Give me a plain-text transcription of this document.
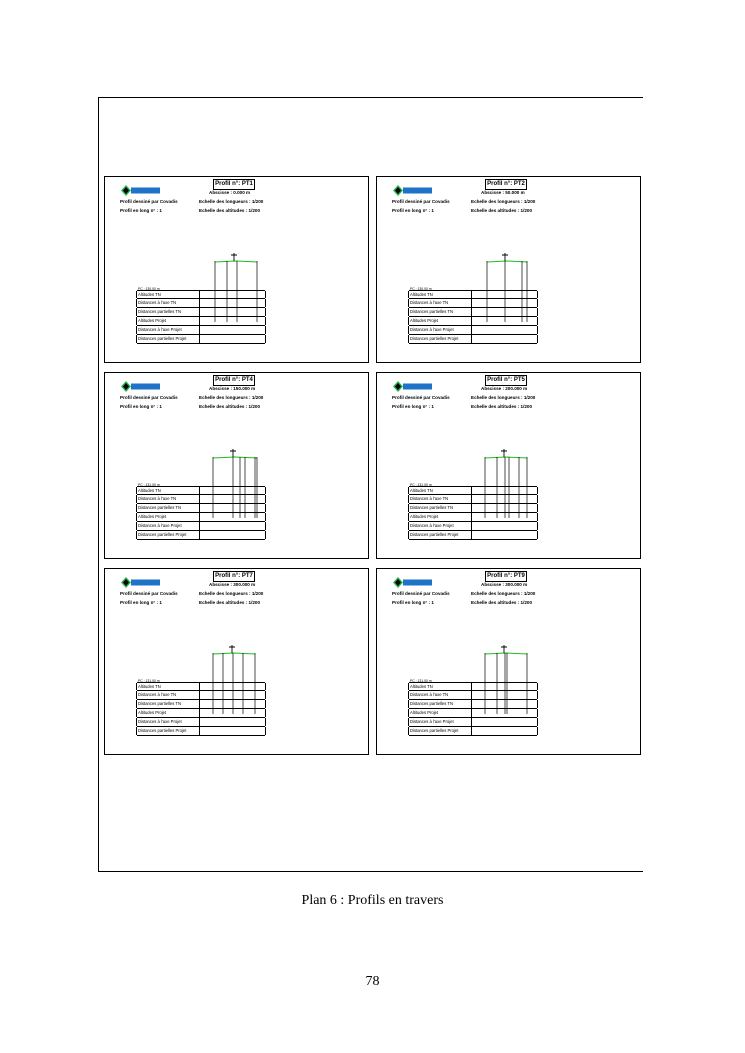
Profil n°: PT1
Abscisse : 0.000 m
Profil dessiné par Covadis	Echelle des longueurs : 1/200
Profil en long n° : 1	Echelle des altitudes : 1/200
PC : 130.00 m
Altitudes TN
Distances à l'axe TN
Distances partielles TN
Altitudes Projet
Distances à l'axe Projet
Distances partielles Projet
Profil n°: PT2
Abscisse : 50.000 m
Profil dessiné par Covadis	Echelle des longueurs : 1/200
Profil en long n° : 1	Echelle des altitudes : 1/200
PC : 130.00 m
Altitudes TN
Distances à l'axe TN
Distances partielles TN
Altitudes Projet
Distances à l'axe Projet
Distances partielles Projet
Profil n°: PT4
Abscisse : 150.000 m
Profil dessiné par Covadis	Echelle des longueurs : 1/200
Profil en long n° : 1	Echelle des altitudes : 1/200
PC : 131.00 m
Altitudes TN
Distances à l'axe TN
Distances partielles TN
Altitudes Projet
Distances à l'axe Projet
Distances partielles Projet
Profil n°: PT5
Abscisse : 200.000 m
Profil dessiné par Covadis	Echelle des longueurs : 1/200
Profil en long n° : 1	Echelle des altitudes : 1/200
PC : 131.00 m
Altitudes TN
Distances à l'axe TN
Distances partielles TN
Altitudes Projet
Distances à l'axe Projet
Distances partielles Projet
Profil n°: PT7
Abscisse : 300.000 m
Profil dessiné par Covadis	Echelle des longueurs : 1/200
Profil en long n° : 1	Echelle des altitudes : 1/200
PC : 131.00 m
Altitudes TN
Distances à l'axe TN
Distances partielles TN
Altitudes Projet
Distances à l'axe Projet
Distances partielles Projet
Profil n°: PT9
Abscisse : 300.000 m
Profil dessiné par Covadis	Echelle des longueurs : 1/200
Profil en long n° : 1	Echelle des altitudes : 1/200
PC : 131.00 m
Altitudes TN
Distances à l'axe TN
Distances partielles TN
Altitudes Projet
Distances à l'axe Projet
Distances partielles Projet
Plan 6 : Profils en travers
78
